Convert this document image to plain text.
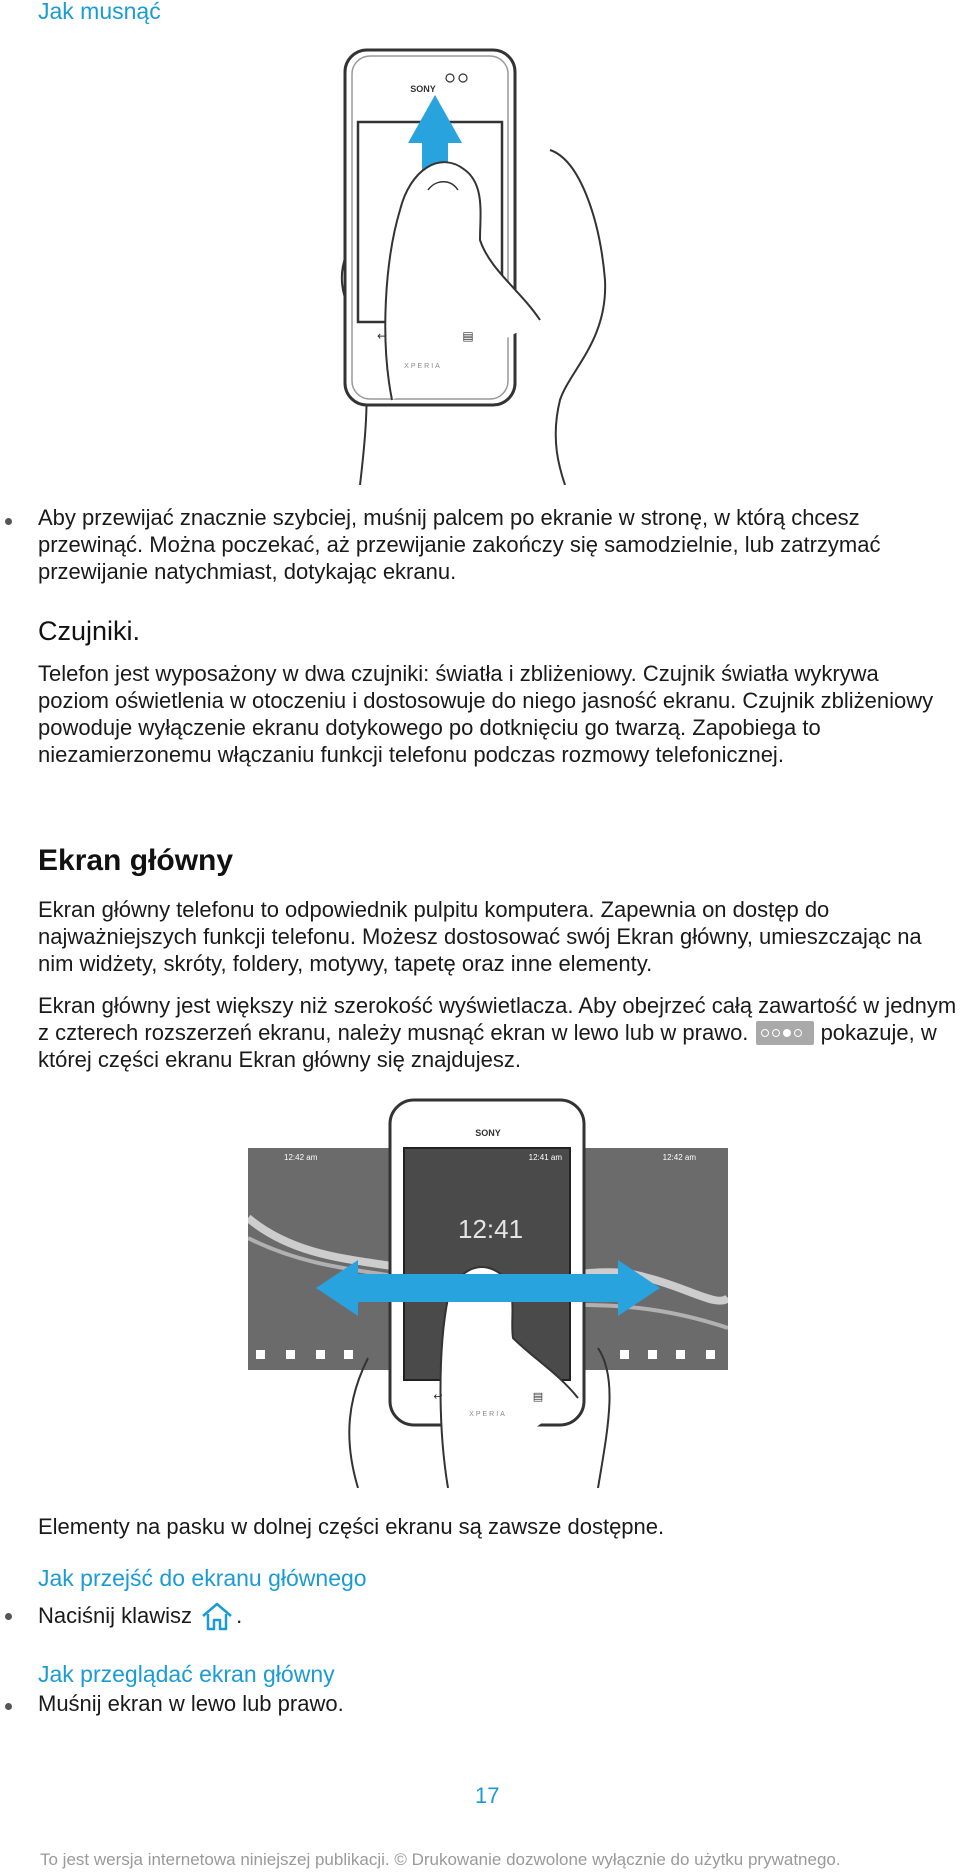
Jak musnąć
SONY
↩	▤
XPERIA

Aby przewijać znacznie szybciej, muśnij palcem po ekranie w stronę, w którą chcesz przewinąć. Można poczekać, aż przewijanie zakończy się samodzielnie, lub zatrzymać przewijanie natychmiast, dotykając ekranu.

Czujniki.

Telefon jest wyposażony w dwa czujniki: światła i zbliżeniowy. Czujnik światła wykrywa poziom oświetlenia w otoczeniu i dostosowuje do niego jasność ekranu. Czujnik zbliżeniowy powoduje wyłączenie ekranu dotykowego po dotknięciu go twarzą. Zapobiega to niezamierzonemu włączaniu funkcji telefonu podczas rozmowy telefonicznej.

Ekran główny

Ekran główny telefonu to odpowiednik pulpitu komputera. Zapewnia on dostęp do najważniejszych funkcji telefonu. Możesz dostosować swój Ekran główny, umieszczając na nim widżety, skróty, foldery, motywy, tapetę oraz inne elementy.

Ekran główny jest większy niż szerokość wyświetlacza. Aby obejrzeć całą zawartość w jednym z czterech rozszerzeń ekranu, należy musnąć ekran w lewo lub w prawo.	pokazuje, w której części ekranu Ekran główny się znajdujesz.

12:42 am	12:42 am
SONY
12:41 am
12:41
↩	▤
XPERIA

Elementy na pasku w dolnej części ekranu są zawsze dostępne.

Jak przejść do ekranu głównego

Naciśnij klawisz .

Jak przeglądać ekran główny

Muśnij ekran w lewo lub prawo.

17
To jest wersja internetowa niniejszej publikacji. © Drukowanie dozwolone wyłącznie do użytku prywatnego.
